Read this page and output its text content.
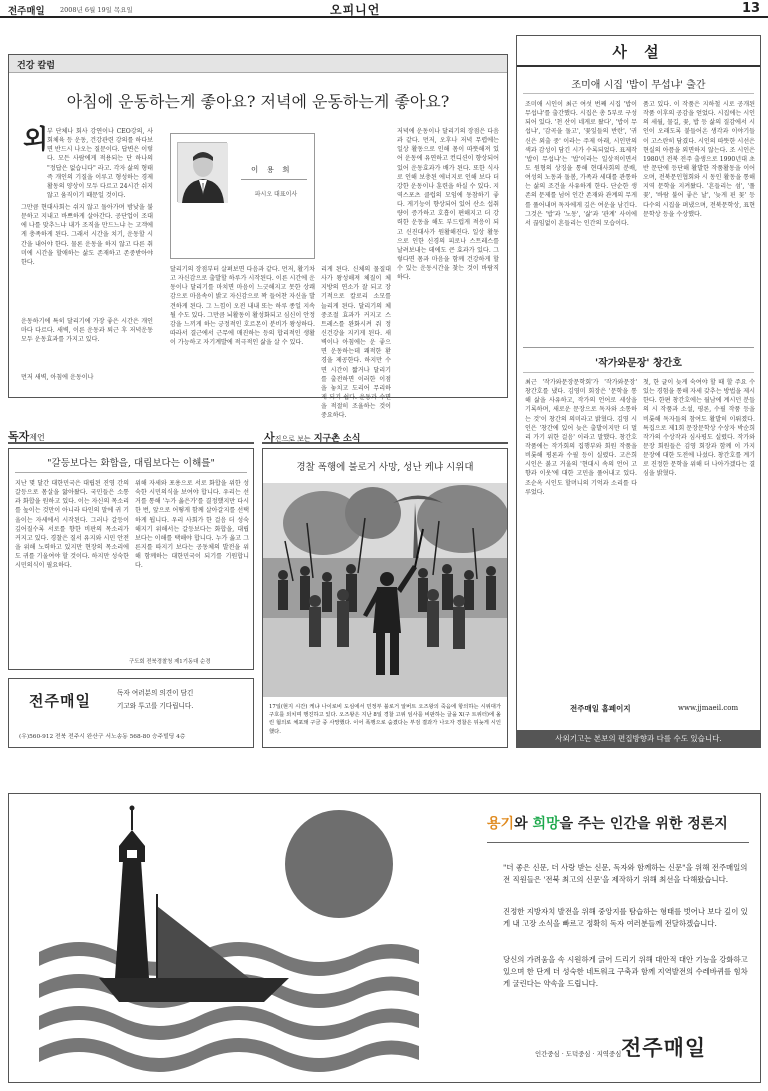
전주매일 2008년 6월 19일 목요일	오피니언	13
건강 칼럼
아침에 운동하는게 좋아요? 저녁에 운동하는게 좋아요?
외
부 단체나 회사 강연이나 CEO강의, 사회체육 등 운동, 건강관련 강의를 하다보면 반드시 나오는 질문이다. 답변은 이렇다. 모든 사람에게 적용되는 단 하나의 "정답은 없습니다" 라고. 각자 삶의 형태 즉 개인의 기질을 이루고 형성하는 경제활동의 양상이 모두 다르고 24시간 쉬지 않고 움직이기 때문일 것이다.
그만큼 현대사회는 쉬지 않고 돌아가며 밤낮을 불문하고 지내고 바쁘하게 살아간다. 공단업이 조대에 나를 맞추느냐 내가 조직을 만드느냐 는 고객에게 충족하게 된다. 그래서 시간을 치기, 운동할 시간을 내어야 한다. 물론 운동을 하지 않고 다른 취미에 시간을 할애하는 삶도 존재하고 존중받아야 한다.
운동하기에 특히 달리기에 가장 좋은 시간은 개인마다 다르다. 새벽, 이른 운동과 퇴근 후 저녁운동 모두 운동효과를 가지고 있다.
먼저 새벽, 아침에 운동이나
이 용 희
파시오 대표이사
달리기의 장점부터 살펴보면 다음과 같다. 먼저, 활기차고 자신감으로 출발할 하루가 시작된다. 이른 시간에 운동이나 달리기를 마치면 마음이 느긋해지고 못한 상쾌감으로 마음속이 밝고 자신감으로 꽉 들어찬 자신을 발견하게 된다. 그 느낌이 오전 내내 또는 하루 종일 지속될 수도 있다. 그만큼 뇌활동이 활성화되고 심신이 안정감을 느끼게 하는 긍정적인 호르몬이 분비가 왕성하다. 따라서 결근에서 근무에 매진하는 등의 합리적인 생활이 가능하고 자기계발에 적극적인 삶을 살 수 있다.
리게 된다. 신체의 물질대사가 왕성해져 체질이 체지방의 연소가 잘 되고 장기적으로 칼로리 소모를 늘리게 된다. 달리기의 체중조절 효과가 커지고 스트레스를 완화시켜 줘 정신건강을 지키게 된다. 새벽이나 아침에는 운 좋으면 운동하는데 쾌적한 환경을 제공한다. 하지만 수면 시간이 짧거나 달리기를 출전하면 이러한 이점을 놓치고 도리어 무리하게 되기 쉽다. 운동과 수면을 적절히 조율하는 것이 중요하다.
저녁에 운동이나 달리기의 장점은 다음과 같다. 먼저, 오후나 저녁 무렵에는 일상 활동으로 인해 몸이 따뜻해져 있어 운동에 유연하고 컨디션이 향상되어 있어 운동효과가 배가 된다. 또한 식사로 인해 보충된 에너지로 인해 보다 더 강한 운동이나 훈련을 하실 수 있다. 지역스포츠 클럽의 모임에 동참하기 좋다. 게기능이 향상되어 있어 산소 섭취량이 증가하고 호흡이 편해지고 더 강력한 운동을 해도 부드럽게 적응이 되고 신진대사가 원활해진다. 일상 활동으로 인한 신경의 피로나 스트레스를 날려보내는 데에도 큰 효과가 있다. 그렇다면 몸과 마음을 함께 건강하게 할 수 있는 운동시간을 찾는 것이 바람직하다.
사 설
조미애 시집 '밥이 무섭냐' 출간
조미애 시인이 최근 여섯 번째 시집 '밥이 무섭냐'를 출간했다. 시집은 총 5부로 구성되어 있다. '천 산이 네게로 왔다', '밥이 무섭냐', '감곡을 돌고', '꽃잎들의 반란', '귀신은 외출 중' 이라는 주제 아래, 시인만의 색과 감성이 담긴 시가 수록되었다. 표제작 '밥이 무섭냐'는 '밥'이라는 일상적이면서도 원형의 상징을 통해 현대사회의 분배, 여성의 노동과 돌봄, 가족과 세대를 관통하는 삶의 조건을 사유하게 한다. 단순한 생존의 문제를 넘어 인간 존재와 관계의 무게를 풀어내며 독자에게 깊은 여운을 남긴다. 그것은 '밥'과 '노동', '삶'과 '관계' 사이에서 끊임없이 흔들리는 인간의 모습이다.
품고 있다. 이 작품은 지하철 시로 공개된 작품 이후의 공감을 얻었다. 시집에는 시인의 세월, 물길, 꽃, 밥 등 삶의 질감에서 시인이 오래도록 붙들어온 생각과 이야기들이 고스란히 담겼다. 시인의 따뜻한 시선은 현실의 아픔을 외면하지 않는다. 조 시인은 1980년 전북 전주 출생으로 1990년대 초반 문단에 등단해 활발한 작품활동을 이어오며, 전북문인협회와 시 동인 활동을 통해 지역 문학을 지켜왔다. '흔들리는 섬', '풀꽃', '바람 불어 좋은 날', '늦게 핀 꽃' 등 다수의 시집을 펴냈으며, 전북문학상, 표현문학상 등을 수상했다.
'작가와문장' 창간호
최근 '작가와문장문학회'가 '작가와문장' 창간호를 냈다. 김영미 회장은 '문학을 통해 삶을 사유하고, 작가의 언어로 세상을 기록하며, 새로운 문장으로 독자와 소통하는 것'이 창간의 의미라고 밝혔다. 김영 시인은 '창간에 있어 늦은 출발이지만 더 멀리 가기 위한 걸음' 이라고 말했다. 창간호 작품에는 작가회의 집행부와 회원 작품을 비롯해 평론과 수필 등이 실렸다. 고은희 시인은 붉고 거울의 '현대시 속의 언어 고향과 이웃'에 대한 고민을 풀어내고 있다. 조순옥 시인도 할머니의 기억과 소리를 다루었다.
첫, 한 글이 늦게 숙여야 할 때 할 주요 수 있는 경험을 통해 자세 갖추는 방법을 제시한다. 한편 창간호에는 월남에 계시던 분들의 시 작품과 소설, 평론, 수필 작품 등을 비롯해 독자들의 참여도 활발히 이뤄졌다. 특집으로 제1회 문장문학상 수상자 박순희 작가의 수상작과 심사평도 실렸다. 작가와 문장 회원들은 김영 회장과 함께 이 가지 문장에 대한 도전에 나섰다. 창간호를 계기로 진정한 문학을 위해 더 나아가겠다는 결심을 밝혔다.
전주매일 홈페이지	www.jjmaeil.com
사외기고는 본보의 편집방향과 다를 수도 있습니다.
독자제언
"갈등보다는 화합을, 대립보다는 이해를"
지난 몇 달간 대한민국은 대립된 진영 간의 갈등으로 몸살을 앓아왔다. 국민들은 소통과 화합을 원하고 있다. 이는 자신의 목소리를 높이는 것만이 아니라 타인의 말에 귀 기울이는 자세에서 시작된다. 그러나 갈등이 깊어질수록 서로를 향한 비판의 목소리가 커지고 있다. 경찰은 질서 유지와 시민 안전을 위해 노력하고 있지만 현장의 목소리에도 귀를 기울여야 할 것이다. 하지만 성숙한 시민의식이 필요하다.
위해 자세와 포용으로 서로 화합을 위한 성숙한 시민의식을 보여야 합니다. 우리는 선거를 통해 '누가 옳은가'를 결정했지만 다시 한 번, 앞으로 어떻게 함께 살아갈지를 선택하게 됩니다. 우리 사회가 한 걸음 더 성숙해지기 위해서는 갈등보다는 화합을, 대립보다는 이해를 택해야 합니다. 누가 옳고 그른지를 따지기 보다는 공동체의 발전을 위해 함께하는 대한민국이 되기를 기원합니다.
구도회 전북경찰청 제1기동대 순경
전주매일	독자 여러분의 의견이 담긴
기고와 투고를 기다립니다.
(우)560-912 전북 전주시 완산구 서노송동 568-80 승주빌딩 4층
사진으로 보는 지구촌 소식
경찰 폭행에 불로거 사망, 성난 케냐 시위대
17일(현지 시간) 케냐 나이로비 도심에서 민정부 블로거 알버트 오즈왕의 죽음에 항의하는 시위대가 구호를 외치며 행진하고 있다. 오즈왕은 지난 8일 경찰 고위 임사를 비판하는 글을 X(구 트위터)에 올린 혐의로 체포돼 구금 중 사망했다. 이어 폭행으로 숨졌다는 부검 결과가 나오자 경찰은 뒤늦게 시인했다.
용기와 희망을 주는 인간을 위한 정론지
"더 좋은 신문, 더 사랑 받는 신문, 독자와 함께하는 신문"을 위해 전주매일의 전 직원들은 '전북 최고의 신문'을 제작하기 위해 최선을 다해왔습니다.
진정한 지방자치 발전을 위해 중앙지를 탐습하는 형태를 벗어나 보다 깊이 있게 내 고장 소식을 빠르고 정확히 독자 여러분들께 전달하겠습니다.
당신의 가려움을 속 시원하게 긁어 드리기 위해 대안적 대안 기능을 강화하고 있으며 한 단계 더 성숙한 네트워크 구축과 함께 지역발전의 수레바퀴를 힘차게 굴린다는 약속을 드립니다.
인간중심 · 도덕중심 · 지역중심 전주매일
